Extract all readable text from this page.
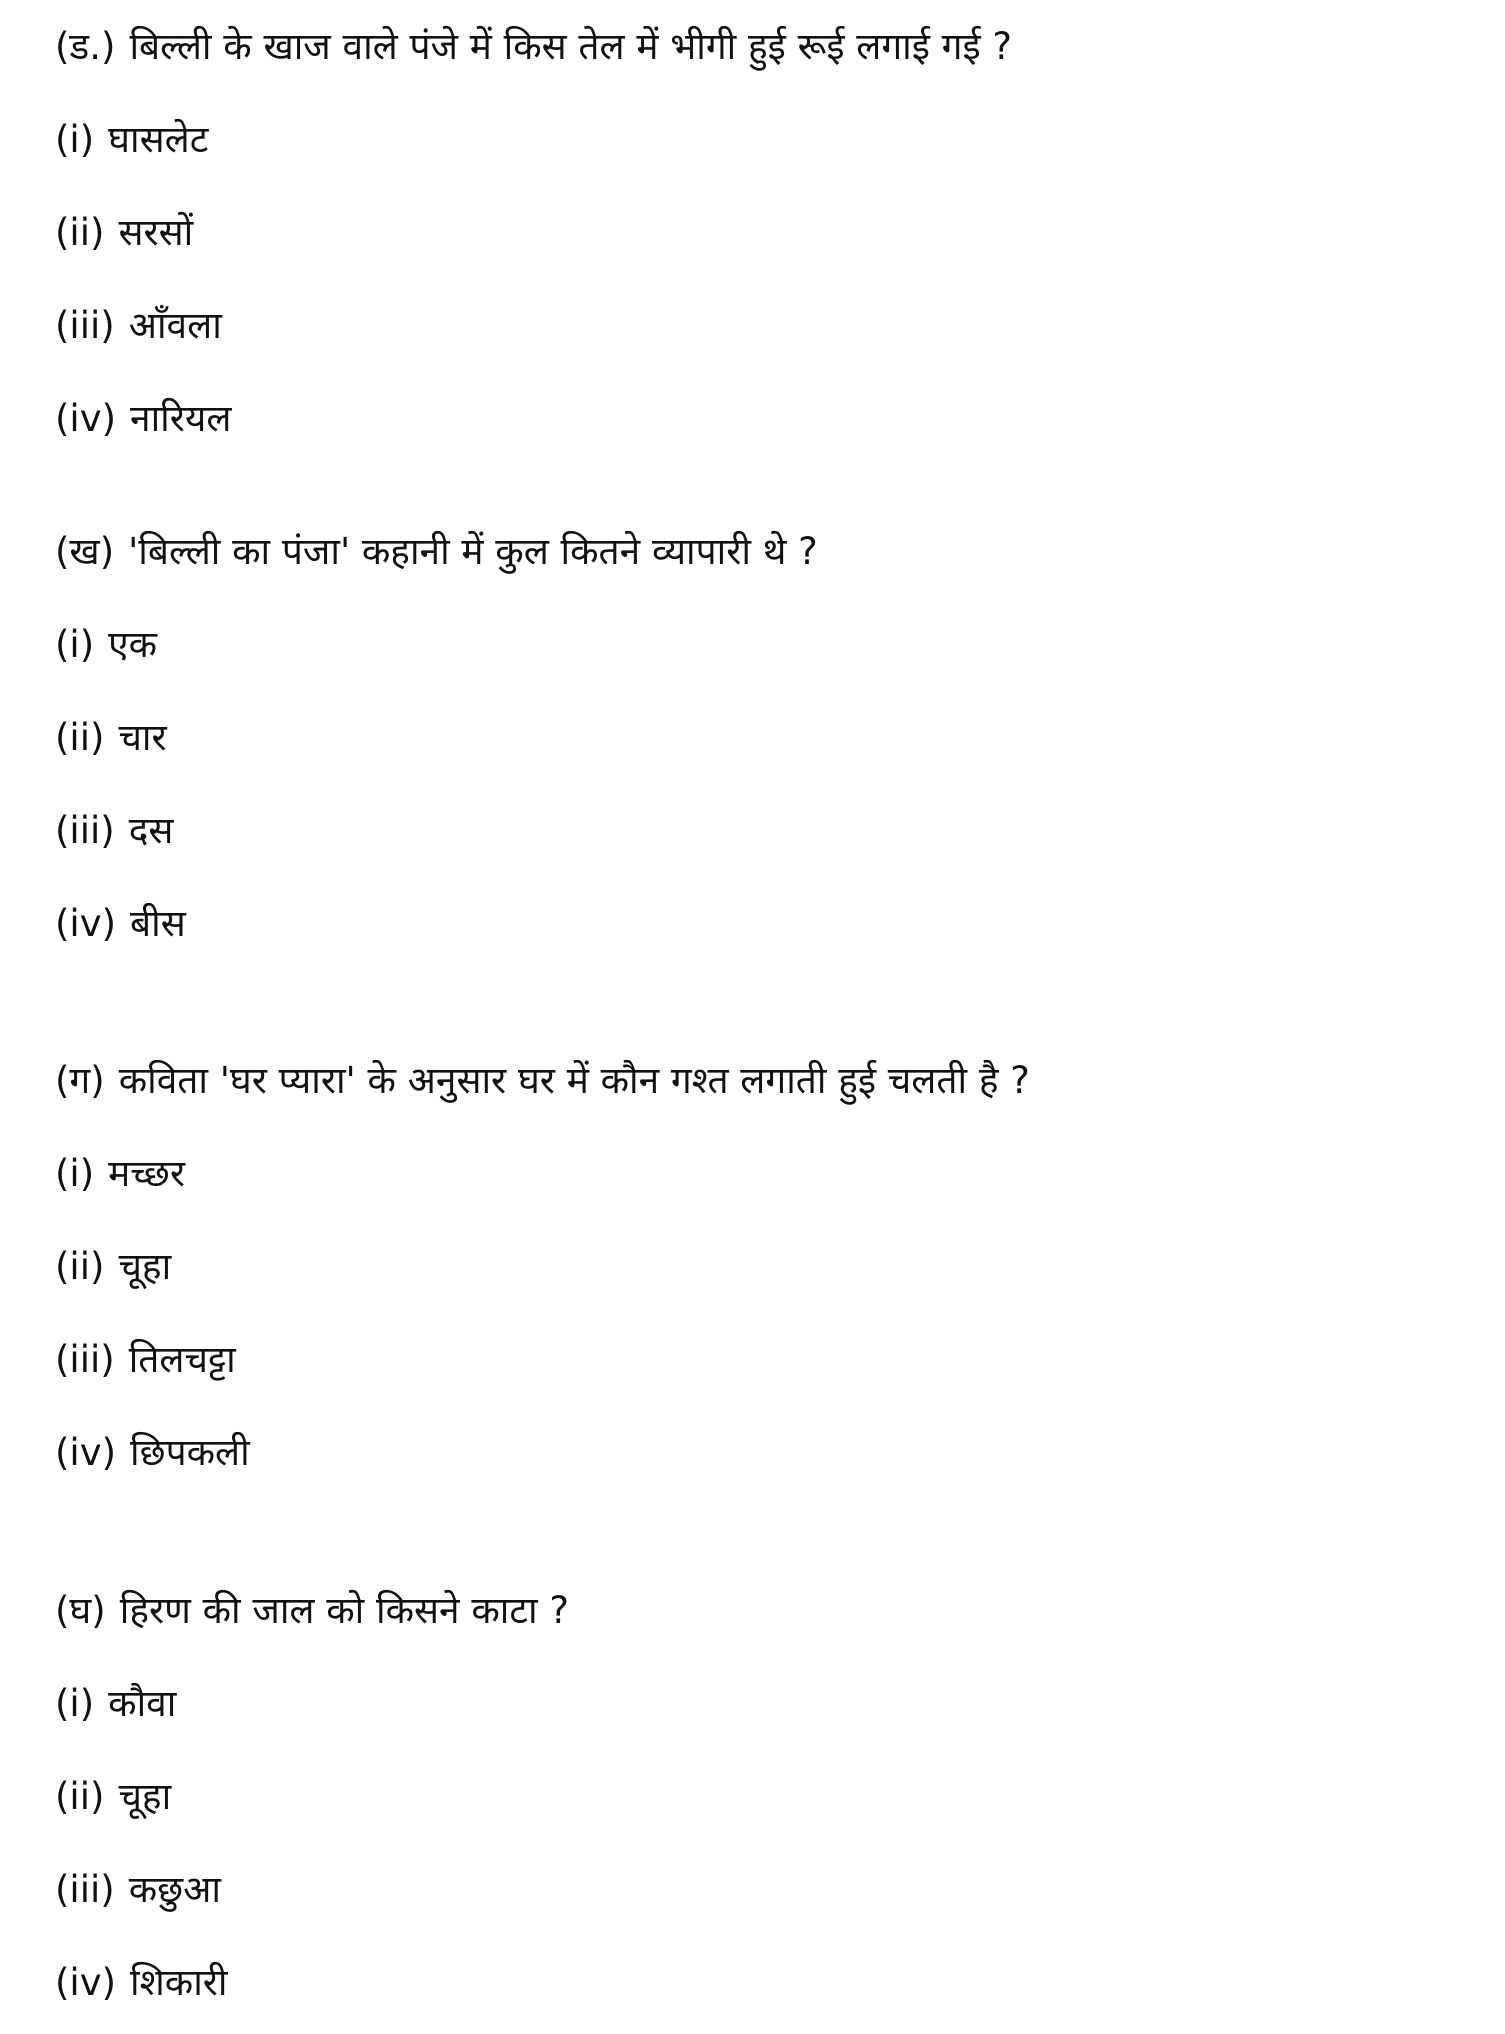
(ख) 'बिल्ली का पंजा' कहानी में कुल कितने व्यापारी थे ?
(i) एक
(ii) चार
(iii) दस
(iv) बीस
(ग) कविता 'घर प्यारा' के अनुसार घर में कौन गश्त लगाती हुई चलती है ?
(i) मच्छर
(ii) चूहा
(iii) तिलचट्टा
(iv) छिपकली
(घ) हिरण की जाल को किसने काटा ?
(i) कौवा
(ii) चूहा
(iii) कछुआ
(iv) शिकारी
(ड.) बिल्ली के खाज वाले पंजे में किस तेल में भीगी हुई रूई लगाई गई ?
(i) घासलेट
(ii) सरसों
(iii) आँवला
(iv) नारियल
